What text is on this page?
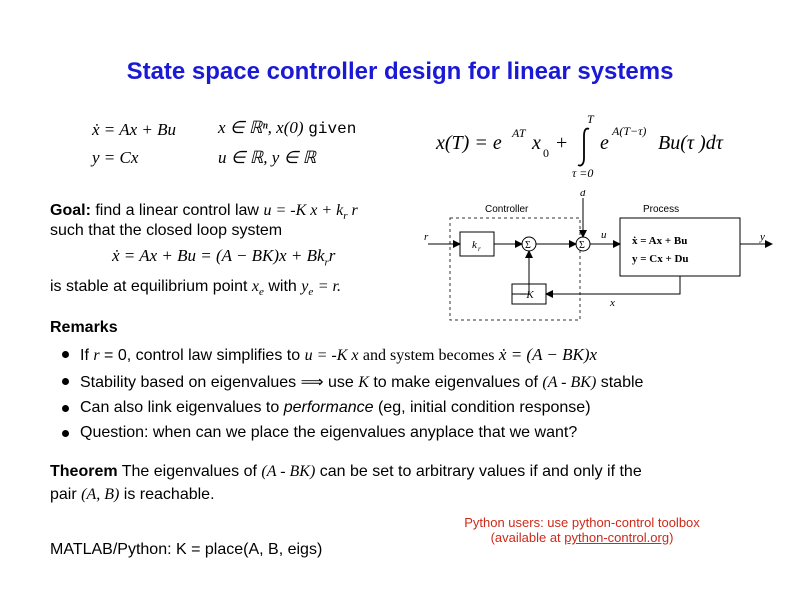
State space controller design for linear systems
ẋ = Ax + Bu
y = Cx
x ∈ ℝⁿ, x(0) given
u ∈ ℝ, y ∈ ℝ
x(T) = e AT x 0 +
T
τ =0
e
A(T−τ)
Bu(τ )dτ
Goal: find a linear control law u = -K $x + k_r$ r
such that the closed loop system
ẋ = $Ax + Bu = (A - BK)x + Bk_rr$
is stable at equilibrium point $x_e$ with $y_e = r$.
Controller	Process
ẋ = Ax + Bu
y = Cx + Du
k r
−K
Σ	Σ
r
d
u	y
x
Remarks
If r = 0, control law simplifies to u = -K x and system becomes ẋ = (A − BK)x
Stability based on eigenvalues ⟹ use K to make eigenvalues of (A - BK) stable
Can also link eigenvalues to performance (eg, initial condition response)
Question: when can we place the eigenvalues anyplace that we want?
Theorem The eigenvalues of (A - BK) can be set to arbitrary values if and only if the
pair (A, B) is reachable.
MATLAB/Python: K = place(A, B, eigs)
Python users: use python-control toolbox
(available at python-control.org)
